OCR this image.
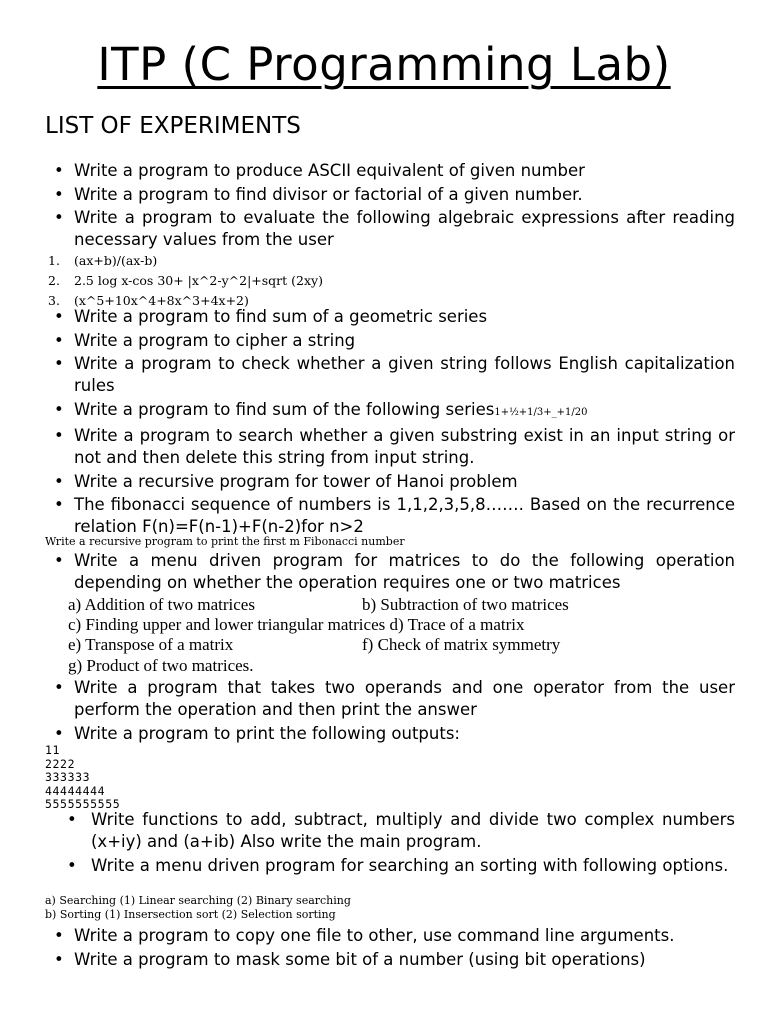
ITP (C Programming Lab)
LIST OF EXPERIMENTS
• Write a program to produce ASCII equivalent of given number
• Write a program to find divisor or factorial of a given number.
• Write a program to evaluate the following algebraic expressions after reading necessary values from the user
1.	(ax+b)/(ax-b)
2.	2.5 log x-cos 30+ |x^2-y^2|+sqrt (2xy)
3.	(x^5+10x^4+8x^3+4x+2)
• Write a program to find sum of a geometric series
• Write a program to cipher a string
• Write a program to check whether a given string follows English capitalization rules
• Write a program to find sum of the following series1+½+1/3+_+1/20
• Write a program to search whether a given substring exist in an input string or not and then delete this string from input string.
• Write a recursive program for tower of Hanoi problem
• The fibonacci sequence of numbers is 1,1,2,3,5,8……. Based on the recurrence relation F(n)=F(n-1)+F(n-2)for n>2
Write a recursive program to print the first m Fibonacci number
• Write a menu driven program for matrices to do the following operation depending on whether the operation requires one or two matrices
a) Addition of two matrices	b) Subtraction of two matrices
c) Finding upper and lower triangular matrices d) Trace of a matrix
e) Transpose of a matrix	f) Check of matrix symmetry
g) Product of two matrices.
• Write a program that takes two operands and one operator from the user perform the operation and then print the answer
• Write a program to print the following outputs:
11
2222
333333
44444444
5555555555
• Write functions to add, subtract, multiply and divide two complex numbers (x+iy) and (a+ib) Also write the main program.
• Write a menu driven program for searching an sorting with following options.
a) Searching (1) Linear searching (2) Binary searching
b) Sorting (1) Insersection sort (2) Selection sorting
• Write a program to copy one file to other, use command line arguments.
• Write a program to mask some bit of a number (using bit operations)
